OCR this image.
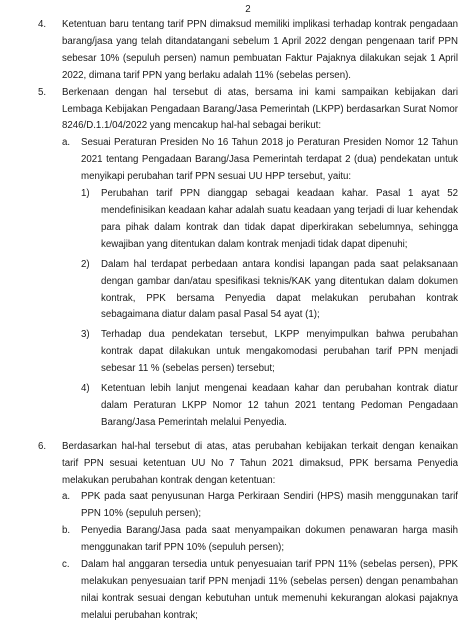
2
4.	Ketentuan baru tentang tarif PPN dimaksud memiliki implikasi terhadap kontrak pengadaan barang/jasa yang telah ditandatangani sebelum 1 April 2022 dengan pengenaan tarif PPN sebesar 10% (sepuluh persen) namun pembuatan Faktur Pajaknya dilakukan sejak 1 April 2022, dimana tarif PPN yang berlaku adalah 11% (sebelas persen).
5.	Berkenaan dengan hal tersebut di atas, bersama ini kami sampaikan kebijakan dari Lembaga Kebijakan Pengadaan Barang/Jasa Pemerintah (LKPP) berdasarkan Surat Nomor 8246/D.1.1/04/2022 yang mencakup hal-hal sebagai berikut:
a.	Sesuai Peraturan Presiden No 16 Tahun 2018 jo Peraturan Presiden Nomor 12 Tahun 2021 tentang Pengadaan Barang/Jasa Pemerintah terdapat 2 (dua) pendekatan untuk menyikapi perubahan tarif PPN sesuai UU HPP tersebut, yaitu:
1)	Perubahan tarif PPN dianggap sebagai keadaan kahar. Pasal 1 ayat 52 mendefinisikan keadaan kahar adalah suatu keadaan yang terjadi di luar kehendak para pihak dalam kontrak dan tidak dapat diperkirakan sebelumnya, sehingga kewajiban yang ditentukan dalam kontrak menjadi tidak dapat dipenuhi;
2)	Dalam hal terdapat perbedaan antara kondisi lapangan pada saat pelaksanaan dengan gambar dan/atau spesifikasi teknis/KAK yang ditentukan dalam dokumen kontrak, PPK bersama Penyedia dapat melakukan perubahan kontrak sebagaimana diatur dalam pasal Pasal 54 ayat (1);
3)	Terhadap dua pendekatan tersebut, LKPP menyimpulkan bahwa perubahan kontrak dapat dilakukan untuk mengakomodasi perubahan tarif PPN menjadi sebesar 11 % (sebelas persen) tersebut;
4)	Ketentuan lebih lanjut mengenai keadaan kahar dan perubahan kontrak diatur dalam Peraturan LKPP Nomor 12 tahun 2021 tentang Pedoman Pengadaan Barang/Jasa Pemerintah melalui Penyedia.
6.	Berdasarkan hal-hal tersebut di atas, atas perubahan kebijakan terkait dengan kenaikan tarif PPN sesuai ketentuan UU No 7 Tahun 2021 dimaksud, PPK bersama Penyedia melakukan perubahan kontrak dengan ketentuan:
a.	PPK pada saat penyusunan Harga Perkiraan Sendiri (HPS) masih menggunakan tarif PPN 10% (sepuluh persen);
b.	Penyedia Barang/Jasa pada saat menyampaikan dokumen penawaran harga masih menggunakan tarif PPN 10% (sepuluh persen);
c.	Dalam hal anggaran tersedia untuk penyesuaian tarif PPN 11% (sebelas persen), PPK melakukan penyesuaian tarif PPN menjadi 11% (sebelas persen) dengan penambahan nilai kontrak sesuai dengan kebutuhan untuk memenuhi kekurangan alokasi pajaknya melalui perubahan kontrak;
